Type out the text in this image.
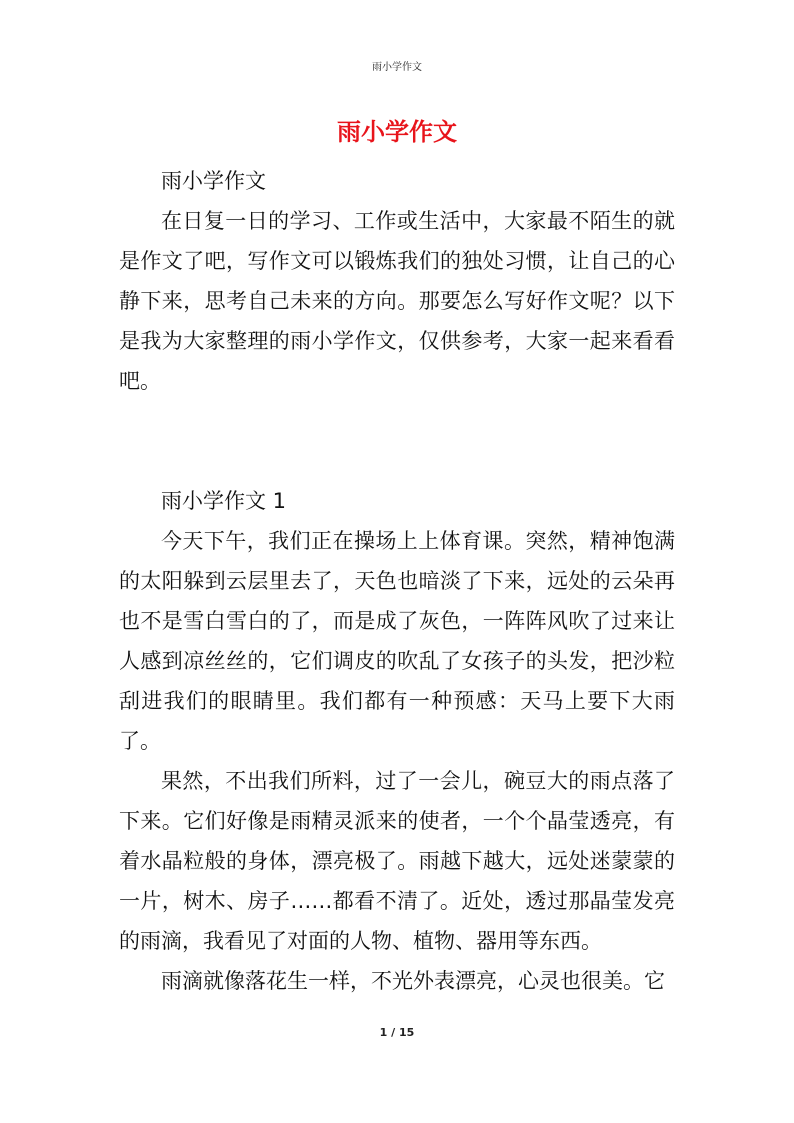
雨小学作文
雨小学作文

雨小学作文

在日复一日的学习、工作或生活中，大家最不陌生的就是作文了吧，写作文可以锻炼我们的独处习惯，让自己的心静下来，思考自己未来的方向。那要怎么写好作文呢？以下是我为大家整理的雨小学作文，仅供参考，大家一起来看看吧。

雨小学作文 1

今天下午，我们正在操场上上体育课。突然，精神饱满的太阳躲到云层里去了，天色也暗淡了下来，远处的云朵再也不是雪白雪白的了，而是成了灰色，一阵阵风吹了过来让人感到凉丝丝的，它们调皮的吹乱了女孩子的头发，把沙粒刮进我们的眼睛里。我们都有一种预感：天马上要下大雨了。

果然，不出我们所料，过了一会儿，碗豆大的雨点落了下来。它们好像是雨精灵派来的使者，一个个晶莹透亮，有着水晶粒般的身体，漂亮极了。雨越下越大，远处迷蒙蒙的一片，树木、房子……都看不清了。近处，透过那晶莹发亮的雨滴，我看见了对面的人物、植物、器用等东西。

雨滴就像落花生一样，不光外表漂亮，心灵也很美。它

1 / 15
